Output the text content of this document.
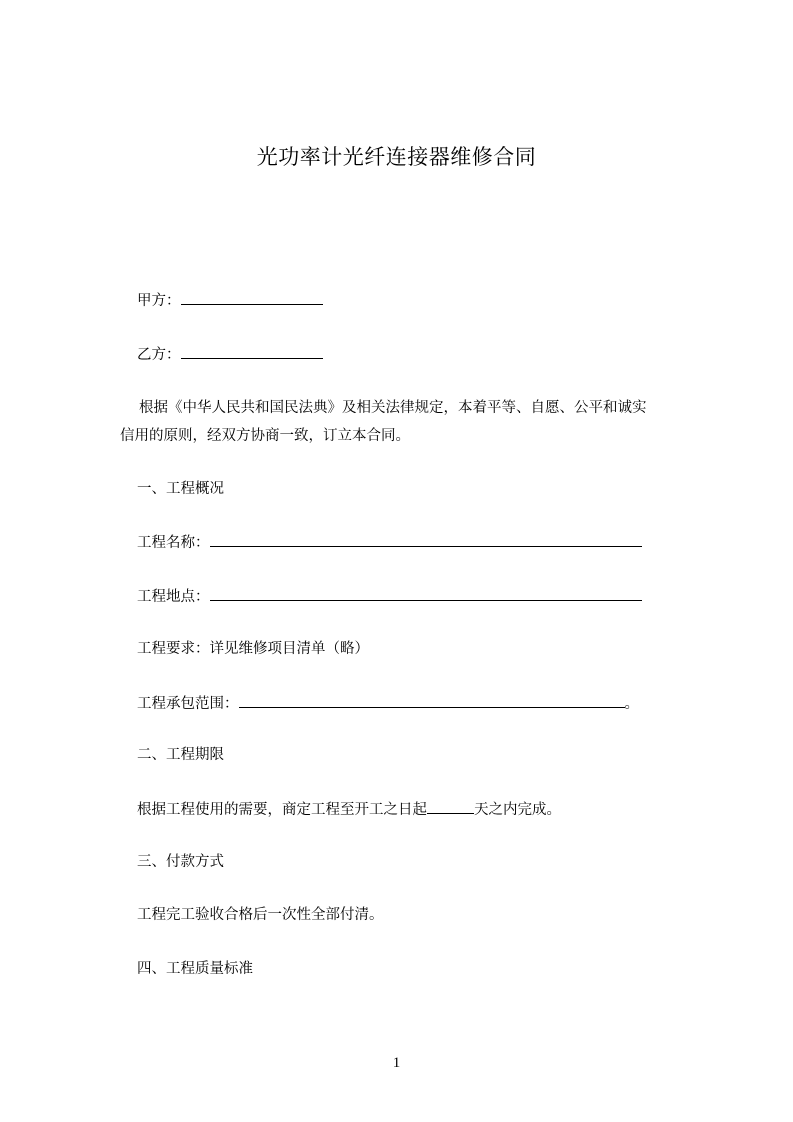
光功率计光纤连接器维修合同
甲方：
乙方：
根据《中华人民共和国民法典》及相关法律规定，本着平等、自愿、公平和诚实
信用的原则，经双方协商一致，订立本合同。
一、工程概况
工程名称：
工程地点：
工程要求：详见维修项目清单（略）
工程承包范围：	。
二、工程期限
根据工程使用的需要，商定工程至开工之日起	天之内完成。
三、付款方式
工程完工验收合格后一次性全部付清。
四、工程质量标准
1
